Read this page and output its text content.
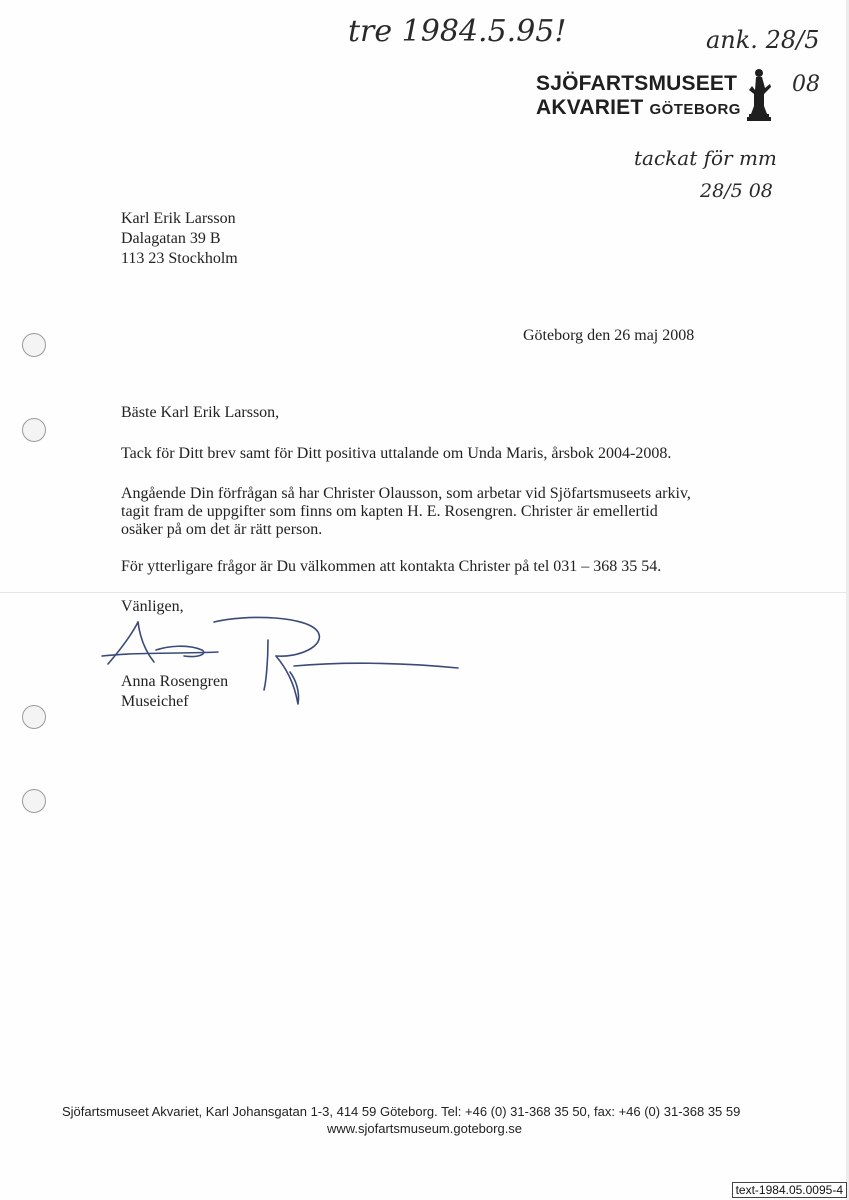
tre 1984.5.95!	ank. 28/5
08
tackat för mm
28/5 08
SJÖFARTSMUSEET
AKVARIET GÖTEBORG
Karl Erik Larsson
Dalagatan 39 B
113 23 Stockholm
Göteborg den 26 maj 2008
Bäste Karl Erik Larsson,
Tack för Ditt brev samt för Ditt positiva uttalande om Unda Maris, årsbok 2004-2008.
Angående Din förfrågan så har Christer Olausson, som arbetar vid Sjöfartsmuseets arkiv,
tagit fram de uppgifter som finns om kapten H. E. Rosengren. Christer är emellertid
osäker på om det är rätt person.
För ytterligare frågor är Du välkommen att kontakta Christer på tel 031 – 368 35 54.
Vänligen,
Anna Rosengren
Museichef
Sjöfartsmuseet Akvariet, Karl Johansgatan 1-3, 414 59 Göteborg. Tel: +46 (0) 31-368 35 50, fax: +46 (0) 31-368 35 59
www.sjofartsmuseum.goteborg.se
text-1984.05.0095-4
